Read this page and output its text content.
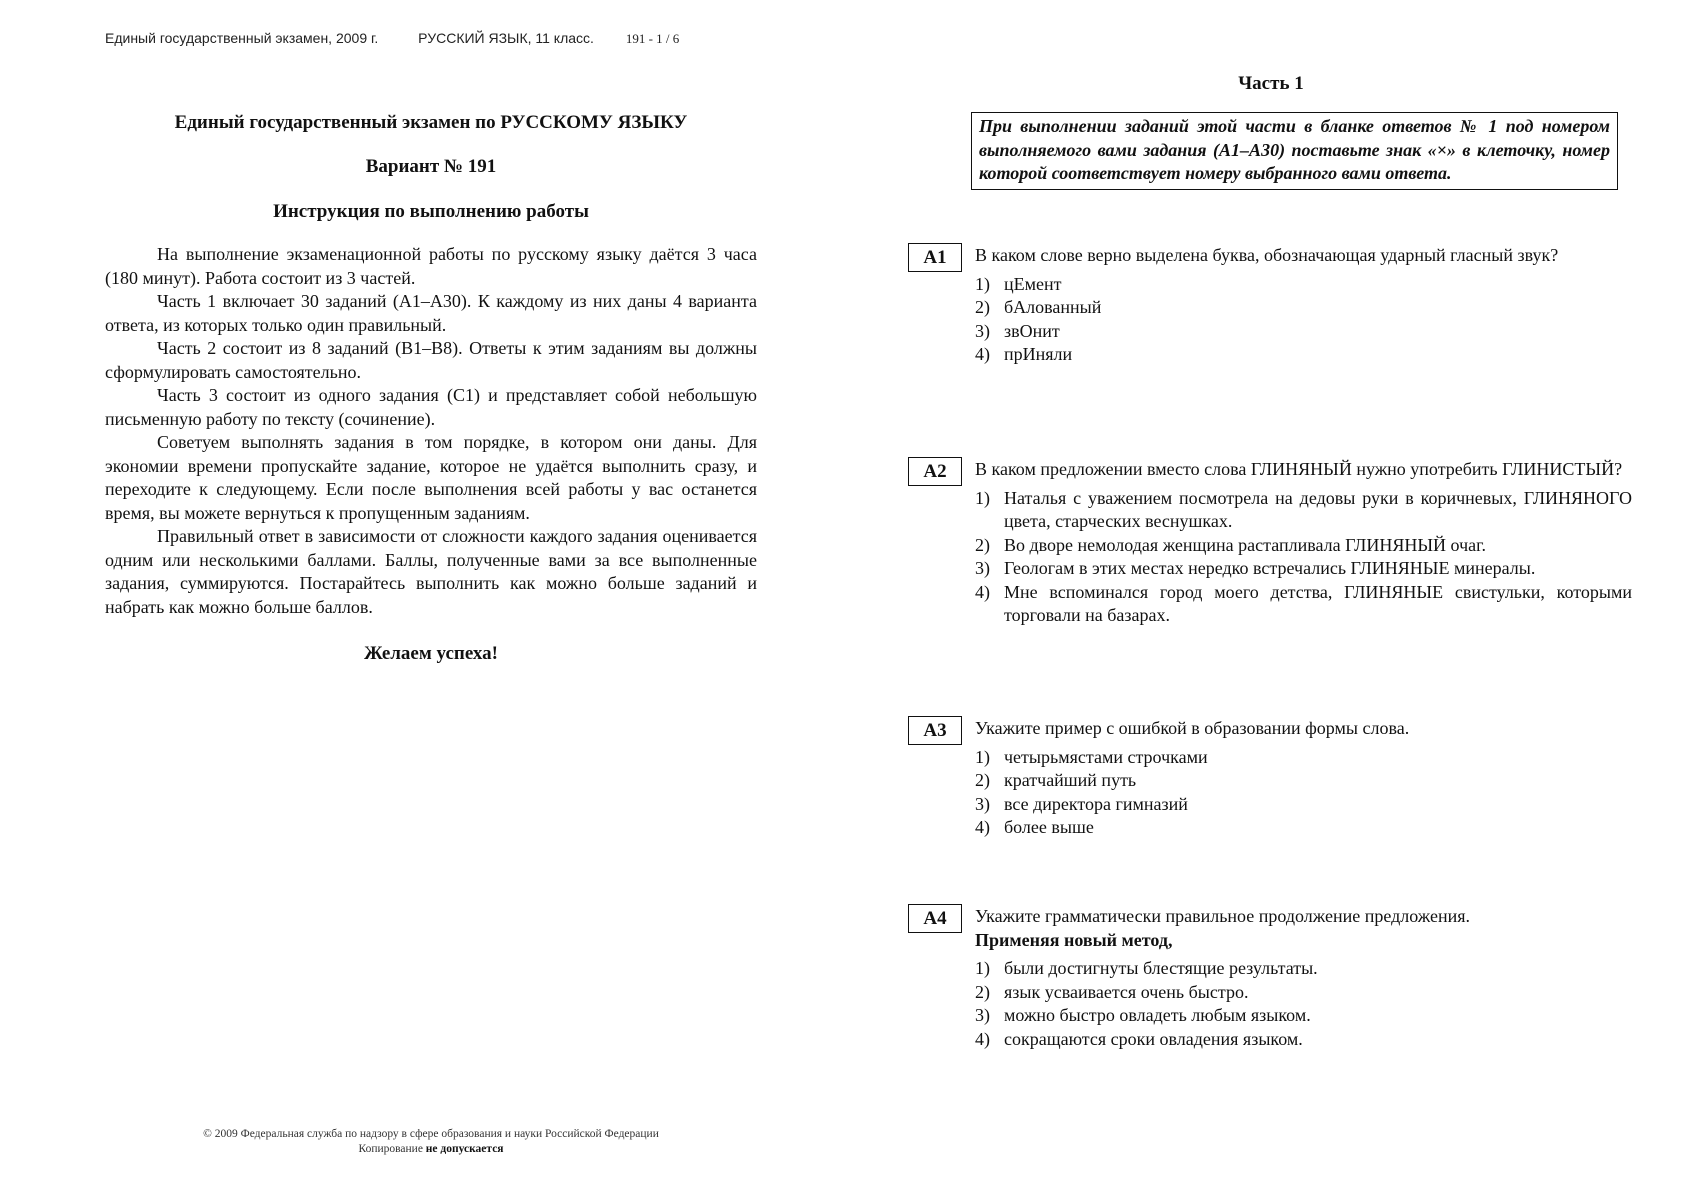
Единый государственный экзамен, 2009 г.	РУССКИЙ ЯЗЫК, 11 класс. 191 - 1 / 6
Единый государственный экзамен по РУССКОМУ ЯЗЫКУ
Вариант № 191
Инструкция по выполнению работы

На выполнение экзаменационной работы по русскому языку даётся 3 часа (180 минут). Работа состоит из 3 частей.

Часть 1 включает 30 заданий (А1–А30). К каждому из них даны 4 варианта ответа, из которых только один правильный.

Часть 2 состоит из 8 заданий (В1–В8). Ответы к этим заданиям вы должны сформулировать самостоятельно.

Часть 3 состоит из одного задания (С1) и представляет собой небольшую письменную работу по тексту (сочинение).

Советуем выполнять задания в том порядке, в котором они даны. Для экономии времени пропускайте задание, которое не удаётся выполнить сразу, и переходите к следующему. Если после выполнения всей работы у вас останется время, вы можете вернуться к пропущенным заданиям.

Правильный ответ в зависимости от сложности каждого задания оценивается одним или несколькими баллами. Баллы, полученные вами за все выполненные задания, суммируются. Постарайтесь выполнить как можно больше заданий и набрать как можно больше баллов.

Желаем успеха!
© 2009 Федеральная служба по надзору в сфере образования и науки Российской Федерации
Копирование не допускается
Часть 1
При выполнении заданий этой части в бланке ответов № 1 под номером выполняемого вами задания (А1–А30) поставьте знак «×» в клеточку, номер которой соответствует номеру выбранного вами ответа.
А1	В каком слове верно выделена буква, обозначающая ударный гласный звук?
1) цЕмент
2) бАлованный
3) звОнит
4) прИняли
А2	В каком предложении вместо слова ГЛИНЯНЫЙ нужно употребить ГЛИНИСТЫЙ?
1) Наталья с уважением посмотрела на дедовы руки в коричневых, ГЛИНЯНОГО цвета, старческих веснушках.
2) Во дворе немолодая женщина растапливала ГЛИНЯНЫЙ очаг.
3) Геологам в этих местах нередко встречались ГЛИНЯНЫЕ минералы.
4) Мне вспоминался город моего детства, ГЛИНЯНЫЕ свистульки, которыми торговали на базарах.
А3	Укажите пример с ошибкой в образовании формы слова.
1) четырьмястами строчками
2) кратчайший путь
3) все директора гимназий
4) более выше
А4	Укажите грамматически правильное продолжение предложения.
Применяя новый метод,
1) были достигнуты блестящие результаты.
2) язык усваивается очень быстро.
3) можно быстро овладеть любым языком.
4) сокращаются сроки овладения языком.
